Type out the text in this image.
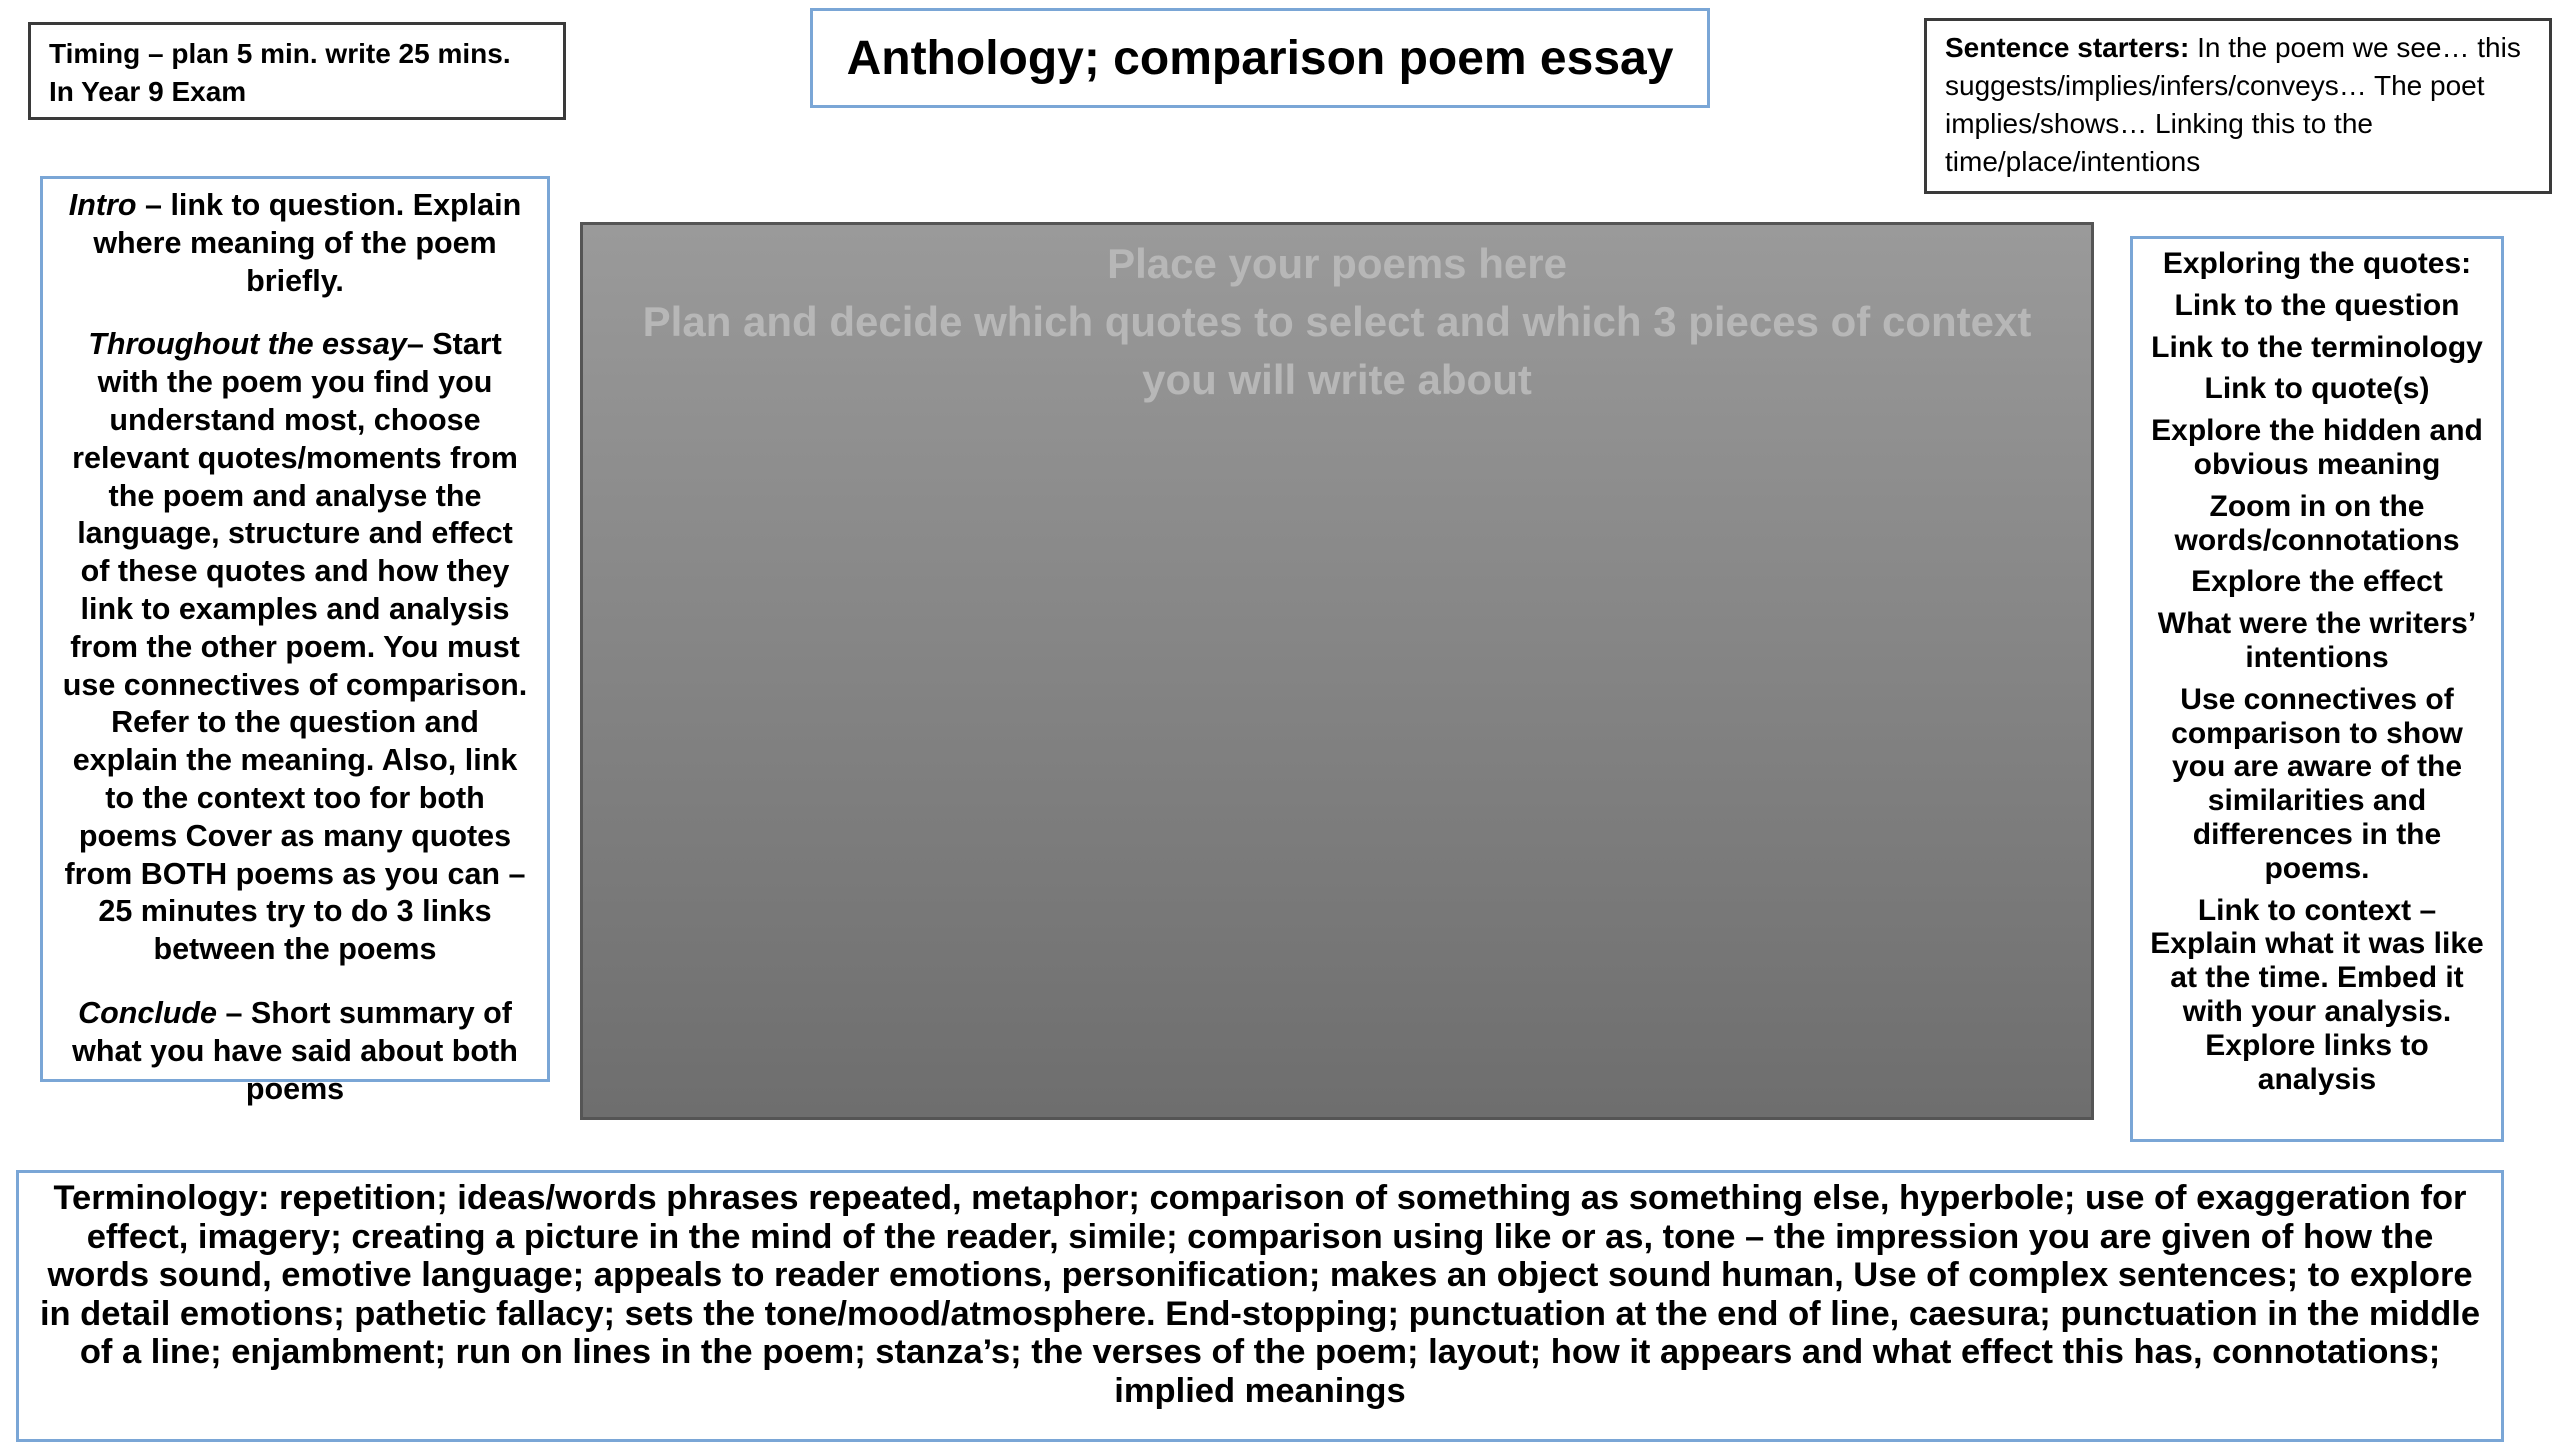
Timing – plan 5 min. write 25 mins.
In Year 9 Exam
Anthology; comparison poem essay	Sentence starters: In the poem we see… this suggests/implies/infers/conveys… The poet implies/shows… Linking this to the time/place/intentions

Intro – link to question. Explain where meaning of the poem briefly.

Throughout the essay– Start with the poem you find you understand most, choose relevant quotes/moments from the poem and analyse the language, structure and effect of these quotes and how they link to examples and analysis from the other poem. You must use connectives of comparison. Refer to the question and explain the meaning. Also, link to the context too for both poems Cover as many quotes from BOTH poems as you can – 25 minutes try to do 3 links between the poems

Conclude – Short summary of what you have said about both poems

Place your poems here
Plan and decide which quotes to select and which 3 pieces of context you will write about
Exploring the quotes:
Link to the question
Link to the terminology
Link to quote(s)
Explore the hidden and obvious meaning
Zoom in on the words/connotations
Explore the effect
What were the writers’ intentions
Use connectives of comparison to show you are aware of the similarities and differences in the poems.
Link to context – Explain what it was like at the time. Embed it with your analysis. Explore links to analysis
Terminology: repetition; ideas/words phrases repeated, metaphor; comparison of something as something else, hyperbole; use of exaggeration for effect, imagery; creating a picture in the mind of the reader, simile; comparison using like or as, tone – the impression you are given of how the words sound, emotive language; appeals to reader emotions, personification; makes an object sound human, Use of complex sentences; to explore in detail emotions; pathetic fallacy; sets the tone/mood/atmosphere. End-stopping; punctuation at the end of line, caesura; punctuation in the middle of a line; enjambment; run on lines in the poem; stanza’s; the verses of the poem; layout; how it appears and what effect this has, connotations; implied meanings
